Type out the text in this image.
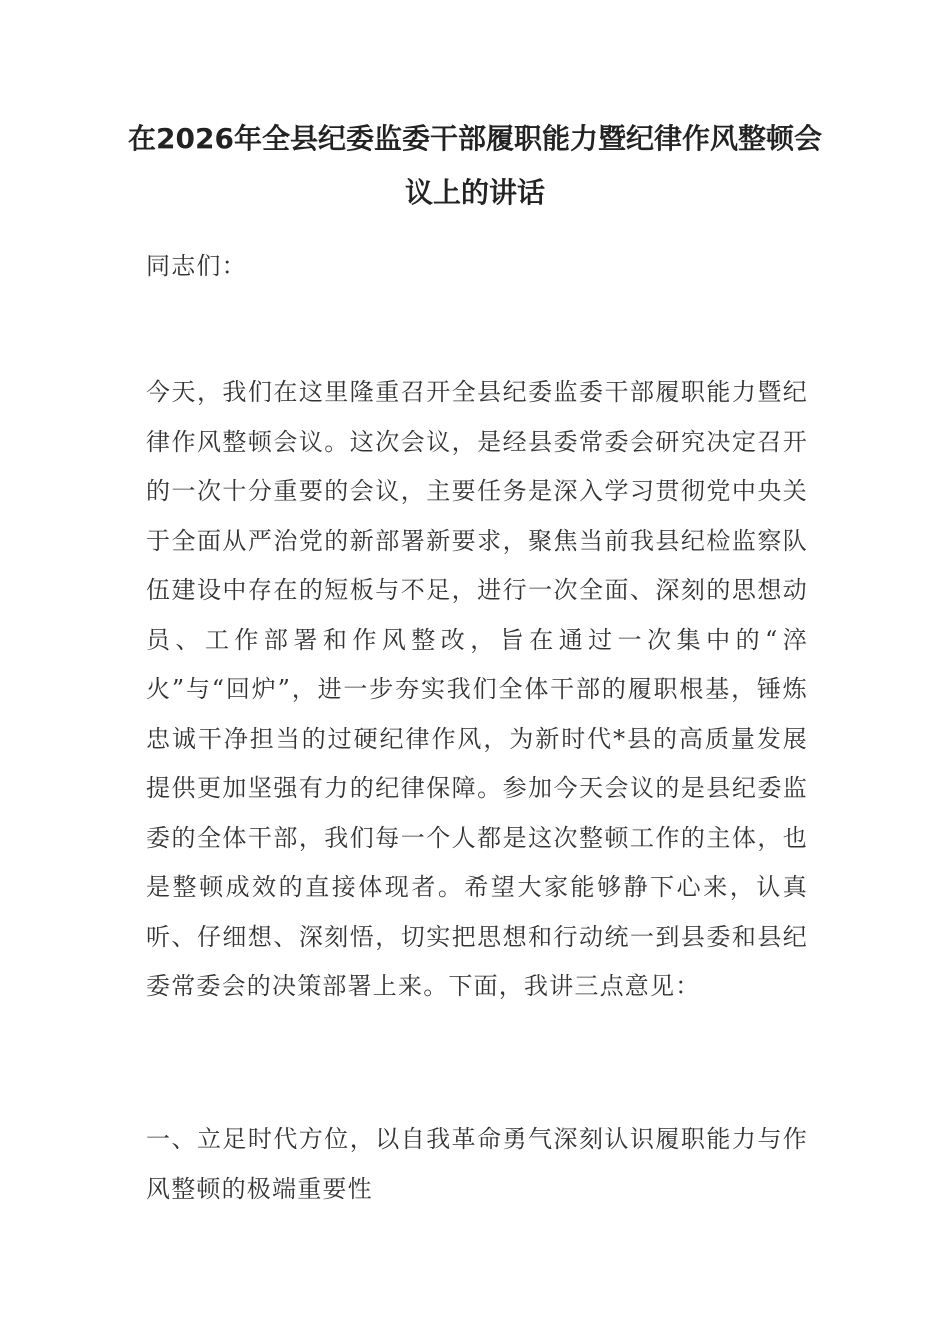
在2026年全县纪委监委干部履职能力暨纪律作风整顿会议上的讲话

同志们：

今天，我们在这里隆重召开全县纪委监委干部履职能力暨纪律作风整顿会议。这次会议，是经县委常委会研究决定召开的一次十分重要的会议，主要任务是深入学习贯彻党中央关于全面从严治党的新部署新要求，聚焦当前我县纪检监察队伍建设中存在的短板与不足，进行一次全面、深刻的思想动员、工作部署和作风整改，旨在通过一次集中的“淬火”与“回炉”，进一步夯实我们全体干部的履职根基，锤炼忠诚干净担当的过硬纪律作风，为新时代*县的高质量发展提供更加坚强有力的纪律保障。参加今天会议的是县纪委监委的全体干部，我们每一个人都是这次整顿工作的主体，也是整顿成效的直接体现者。希望大家能够静下心来，认真听、仔细想、深刻悟，切实把思想和行动统一到县委和县纪委常委会的决策部署上来。下面，我讲三点意见：

一、立足时代方位，以自我革命勇气深刻认识履职能力与作风整顿的极端重要性
